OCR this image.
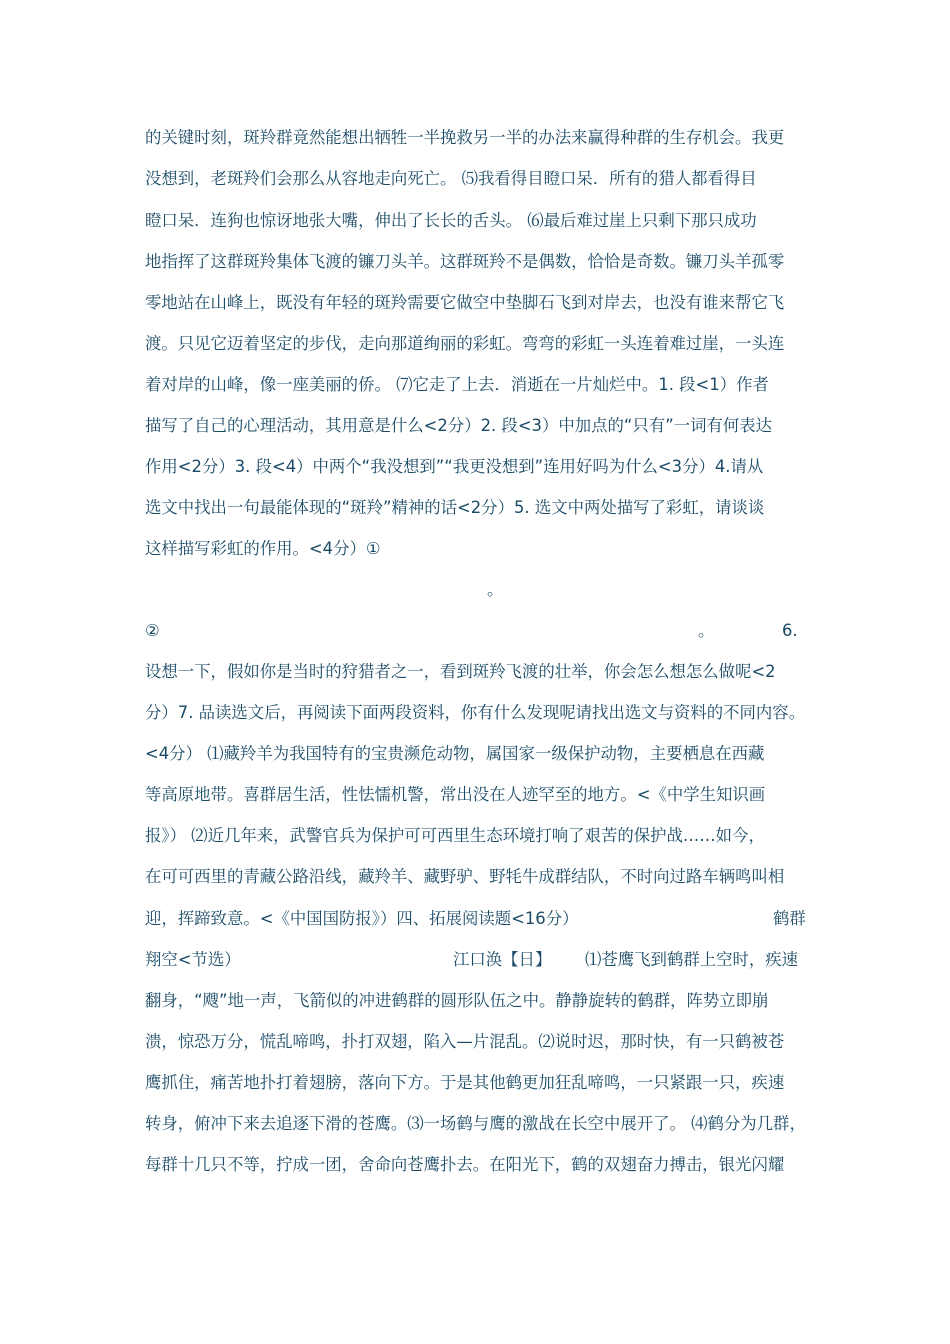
的关键时刻，斑羚群竟然能想出牺牲一半挽救另一半的办法来赢得种群的生存机会。我更
没想到，老斑羚们会那么从容地走向死亡。 ⑸我看得目瞪口呆．所有的猎人都看得目
瞪口呆．连狗也惊讶地张大嘴，伸出了长长的舌头。 ⑹最后难过崖上只剩下那只成功
地指挥了这群斑羚集体飞渡的镰刀头羊。这群斑羚不是偶数，恰恰是奇数。镰刀头羊孤零
零地站在山峰上，既没有年轻的斑羚需要它做空中垫脚石飞到对岸去，也没有谁来帮它飞
渡。只见它迈着坚定的步伐，走向那道绚丽的彩虹。弯弯的彩虹一头连着难过崖，一头连
着对岸的山峰，像一座美丽的侨。 ⑺它走了上去．消逝在一片灿烂中。1. 段<1）作者
描写了自己的心理活动，其用意是什么<2分）2. 段<3）中加点的“只有”一词有何表达
作用<2分）3. 段<4）中两个“我没想到”“我更没想到”连用好吗为什么<3分）4.请从
选文中找出一句最能体现的“斑羚”精神的话<2分）5. 选文中两处描写了彩虹，请谈谈
这样描写彩虹的作用。<4分）①
。
②	。	6.
设想一下，假如你是当时的狩猎者之一，看到斑羚飞渡的壮举，你会怎么想怎么做呢<2
分）7. 品读选文后，再阅读下面两段资料，你有什么发现呢请找出选文与资料的不同内容。
<4分） ⑴藏羚羊为我国特有的宝贵濒危动物，属国家一级保护动物，主要栖息在西藏
等高原地带。喜群居生活，性怯懦机警，常出没在人迹罕至的地方。<《中学生知识画
报》） ⑵近几年来，武警官兵为保护可可西里生态环境打响了艰苦的保护战……如今，
在可可西里的青藏公路沿线，藏羚羊、藏野驴、野牦牛成群结队，不时向过路车辆鸣叫相
迎，挥蹄致意。<《中国国防报》）四、拓展阅读题<16分）	鹤群
翔空<节选）	江口涣【日】 ⑴苍鹰飞到鹤群上空时，疾速
翻身，“飕”地一声，飞箭似的冲进鹤群的圆形队伍之中。静静旋转的鹤群，阵势立即崩
溃，惊恐万分，慌乱啼鸣，扑打双翅，陷入—片混乱。⑵说时迟，那时快，有一只鹤被苍
鹰抓住，痛苦地扑打着翅膀，落向下方。于是其他鹤更加狂乱啼鸣，一只紧跟一只，疾速
转身，俯冲下来去追逐下滑的苍鹰。⑶一场鹤与鹰的激战在长空中展开了。 ⑷鹤分为几群，
每群十几只不等，拧成一团，舍命向苍鹰扑去。在阳光下，鹤的双翅奋力搏击，银光闪耀
